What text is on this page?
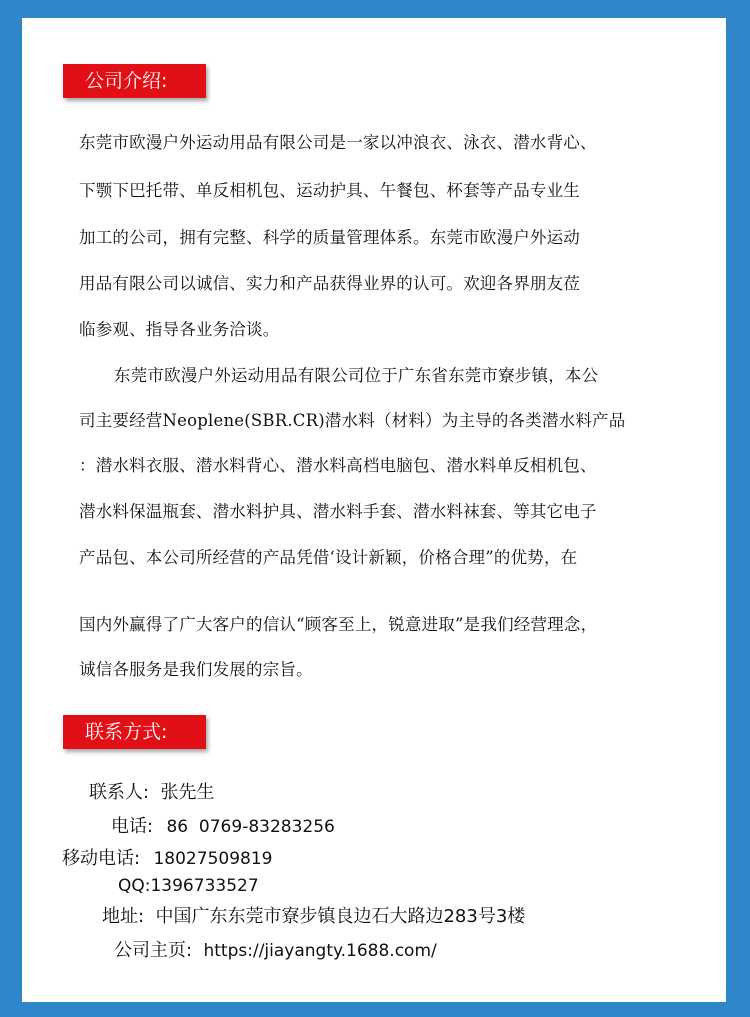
公司介绍:
东莞市欧漫户外运动用品有限公司是一家以冲浪衣、泳衣、潜水背心、
下颚下巴托带、单反相机包、运动护具、午餐包、杯套等产品专业生
加工的公司，拥有完整、科学的质量管理体系。东莞市欧漫户外运动
用品有限公司以诚信、实力和产品获得业界的认可。欢迎各界朋友莅
临参观、指导各业务洽谈。
东莞市欧漫户外运动用品有限公司位于广东省东莞市寮步镇，本公
司主要经营Neoplene(SBR.CR)潜水料（材料）为主导的各类潜水料产品
：潜水料衣服、潜水料背心、潜水料高档电脑包、潜水料单反相机包、
潜水料保温瓶套、潜水料护具、潜水料手套、潜水料袜套、等其它电子
产品包、本公司所经营的产品凭借‘设计新颖，价格合理”的优势，在
国内外赢得了广大客户的信认“顾客至上，锐意进取”是我们经营理念，
诚信各服务是我们发展的宗旨。
联系方式:
联系人: 张先生
电话: 86  0769-83283256
移动电话: 18027509819
QQ:1396733527
地址: 中国广东东莞市寮步镇良边石大路边283号3楼
公司主页: https://jiayangty.1688.com/
